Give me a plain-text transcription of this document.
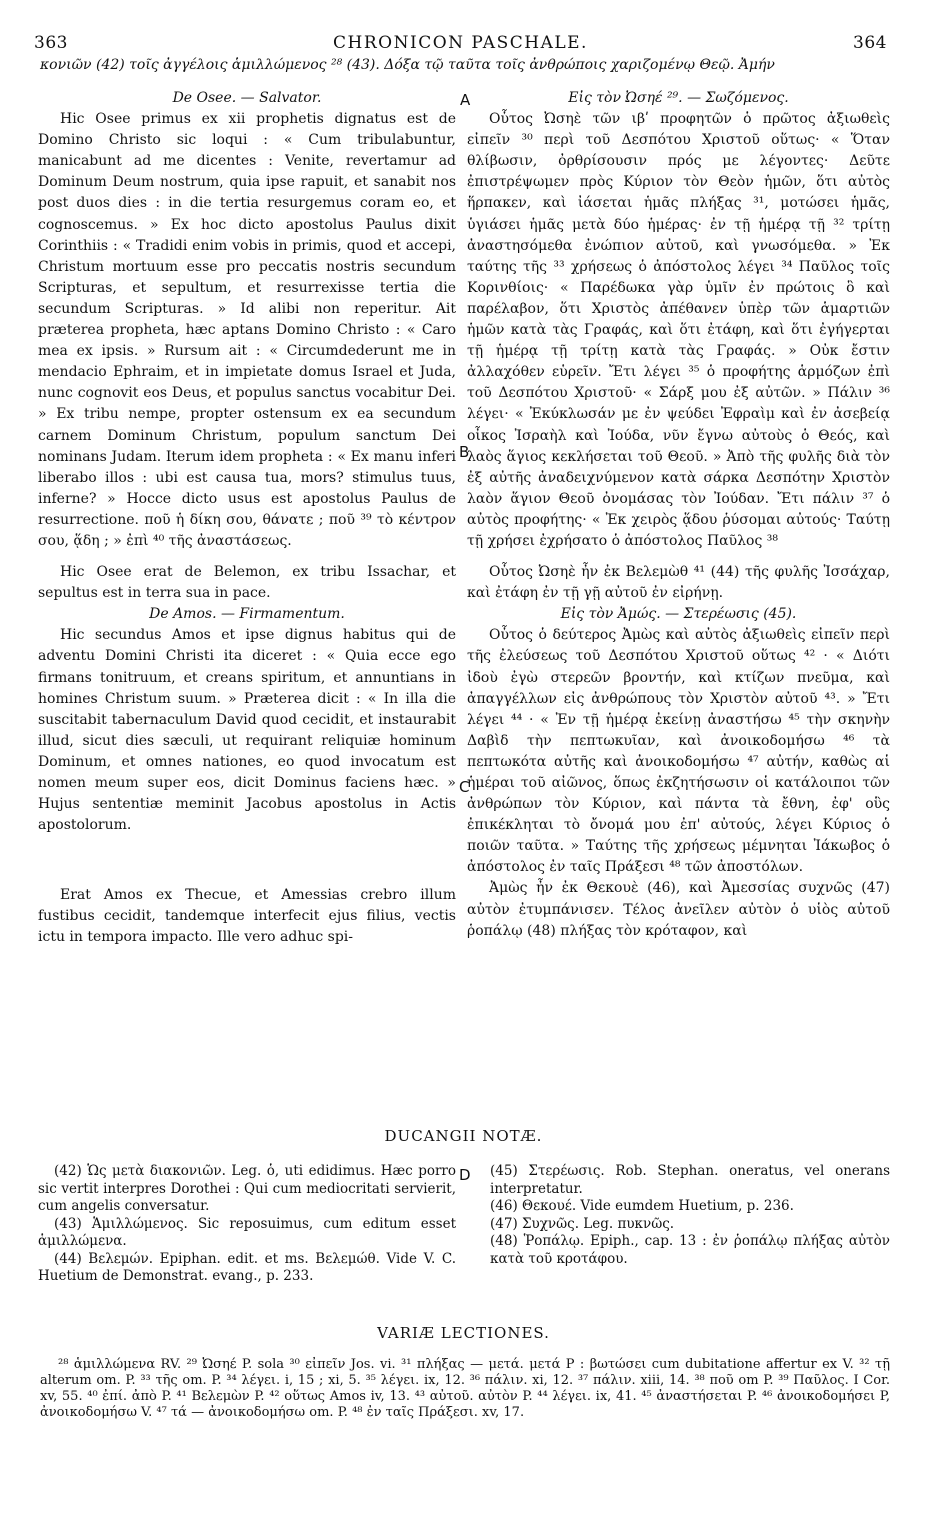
363	CHRONICON PASCHALE.	364
κονιῶν (42) τοῖς ἀγγέλοις ἁμιλλώμενος ²⁸ (43). Δόξα τῷ ταῦτα τοῖς ἀνθρώποις χαριζομένῳ Θεῷ. Ἀμήν
A
B
C

De Osee. — Salvator.

Hic Osee primus ex xii prophetis dignatus est de Domino Christo sic loqui : « Cum tribulabuntur, manicabunt ad me dicentes : Venite, revertamur ad Dominum Deum nostrum, quia ipse rapuit, et sanabit nos post duos dies : in die tertia resurgemus coram eo, et cognoscemus. » Ex hoc dicto apostolus Paulus dixit Corinthiis : « Tradidi enim vobis in primis, quod et accepi, Christum mortuum esse pro peccatis nostris secundum Scripturas, et sepultum, et resurrexisse tertia die secundum Scripturas. » Id alibi non reperitur. Ait præterea propheta, hæc aptans Domino Christo : « Caro mea ex ipsis. » Rursum ait : « Circumdederunt me in mendacio Ephraim, et in impietate domus Israel et Juda, nunc cognovit eos Deus, et populus sanctus vocabitur Dei. » Ex tribu nempe, propter ostensum ex ea secundum carnem Dominum Christum, populum sanctum Dei nominans Judam. Iterum idem propheta : « Ex manu inferi liberabo illos : ubi est causa tua, mors? stimulus tuus, inferne? » Hocce dicto usus est apostolus Paulus de resurrectione. ποῦ ἡ δίκη σου, θάνατε ; ποῦ ³⁹ τὸ κέντρον σου, ᾅδη ; » ἐπὶ ⁴⁰ τῆς ἀναστάσεως.

Hic Osee erat de Belemon, ex tribu Issachar, et sepultus est in terra sua in pace.

De Amos. — Firmamentum.

Hic secundus Amos et ipse dignus habitus qui de adventu Domini Christi ita diceret : « Quia ecce ego firmans tonitruum, et creans spiritum, et annuntians in homines Christum suum. » Præterea dicit : « In illa die suscitabit tabernaculum David quod cecidit, et instaurabit illud, sicut dies sæculi, ut requirant reliquiæ hominum Dominum, et omnes nationes, eo quod invocatum est nomen meum super eos, dicit Dominus faciens hæc. » Hujus sententiæ meminit Jacobus apostolus in Actis apostolorum.

Erat Amos ex Thecue, et Amessias crebro illum fustibus cecidit, tandemque interfecit ejus filius, vectis ictu in tempora impacto. Ille vero adhuc spi-

Εἰς τὸν Ὠσηέ ²⁹. — Σωζόμενος.

Οὗτος Ὠσηὲ τῶν ιβʹ προφητῶν ὁ πρῶτος ἀξιωθεὶς εἰπεῖν ³⁰ περὶ τοῦ Δεσπότου Χριστοῦ οὕτως· « Ὅταν θλίβωσιν, ὀρθρίσουσιν πρός με λέγοντες· Δεῦτε ἐπιστρέψωμεν πρὸς Κύριον τὸν Θεὸν ἡμῶν, ὅτι αὐτὸς ἥρπακεν, καὶ ἰάσεται ἡμᾶς πλήξας ³¹, μοτώσει ἡμᾶς, ὑγιάσει ἡμᾶς μετὰ δύο ἡμέρας· ἐν τῇ ἡμέρᾳ τῇ ³² τρίτῃ ἀναστησόμεθα ἐνώπιον αὐτοῦ, καὶ γνωσόμεθα. » Ἐκ ταύτης τῆς ³³ χρήσεως ὁ ἀπόστολος λέγει ³⁴ Παῦλος τοῖς Κορινθίοις· « Παρέδωκα γὰρ ὑμῖν ἐν πρώτοις ὃ καὶ παρέλαβον, ὅτι Χριστὸς ἀπέθανεν ὑπὲρ τῶν ἁμαρτιῶν ἡμῶν κατὰ τὰς Γραφάς, καὶ ὅτι ἐτάφη, καὶ ὅτι ἐγήγερται τῇ ἡμέρᾳ τῇ τρίτῃ κατὰ τὰς Γραφάς. » Οὐκ ἔστιν ἀλλαχόθεν εὑρεῖν. Ἔτι λέγει ³⁵ ὁ προφήτης ἁρμόζων ἐπὶ τοῦ Δεσπότου Χριστοῦ· « Σάρξ μου ἐξ αὐτῶν. » Πάλιν ³⁶ λέγει· « Ἐκύκλωσάν με ἐν ψεύδει Ἐφραὶμ καὶ ἐν ἀσεβείᾳ οἶκος Ἰσραὴλ καὶ Ἰούδα, νῦν ἔγνω αὐτοὺς ὁ Θεός, καὶ λαὸς ἅγιος κεκλήσεται τοῦ Θεοῦ. » Ἀπὸ τῆς φυλῆς διὰ τὸν ἐξ αὐτῆς ἀναδειχνύμενον κατὰ σάρκα Δεσπότην Χριστὸν λαὸν ἅγιον Θεοῦ ὀνομάσας τὸν Ἰούδαν. Ἔτι πάλιν ³⁷ ὁ αὐτὸς προφήτης· « Ἐκ χειρὸς ᾅδου ῥύσομαι αὐτούς· Ταύτῃ τῇ χρήσει ἐχρήσατο ὁ ἀπόστολος Παῦλος ³⁸

Οὗτος Ὠσηὲ ἦν ἐκ Βελεμὼθ ⁴¹ (44) τῆς φυλῆς Ἰσσάχαρ, καὶ ἐτάφη ἐν τῇ γῇ αὐτοῦ ἐν εἰρήνῃ.

Εἰς τὸν Ἀμώς. — Στερέωσις (45).

Οὗτος ὁ δεύτερος Ἀμὼς καὶ αὐτὸς ἀξιωθεὶς εἰπεῖν περὶ τῆς ἐλεύσεως τοῦ Δεσπότου Χριστοῦ οὕτως ⁴² · « Διότι ἰδοὺ ἐγὼ στερεῶν βροντήν, καὶ κτίζων πνεῦμα, καὶ ἀπαγγέλλων εἰς ἀνθρώπους τὸν Χριστὸν αὐτοῦ ⁴³. » Ἔτι λέγει ⁴⁴ · « Ἐν τῇ ἡμέρᾳ ἐκείνῃ ἀναστήσω ⁴⁵ τὴν σκηνὴν Δαβὶδ τὴν πεπτωκυῖαν, καὶ ἀνοικοδομήσω ⁴⁶ τὰ πεπτωκότα αὐτῆς καὶ ἀνοικοδομήσω ⁴⁷ αὐτήν, καθὼς αἱ ἡμέραι τοῦ αἰῶνος, ὅπως ἐκζητήσωσιν οἱ κατάλοιποι τῶν ἀνθρώπων τὸν Κύριον, καὶ πάντα τὰ ἔθνη, ἐφ' οὓς ἐπικέκληται τὸ ὄνομά μου ἐπ' αὐτούς, λέγει Κύριος ὁ ποιῶν ταῦτα. » Ταύτης τῆς χρήσεως μέμνηται Ἰάκωβος ὁ ἀπόστολος ἐν ταῖς Πράξεσι ⁴⁸ τῶν ἀποστόλων.

Ἀμὼς ἦν ἐκ Θεκουὲ (46), καὶ Ἀμεσσίας συχνῶς (47) αὐτὸν ἐτυμπάνισεν. Τέλος ἀνεῖλεν αὐτὸν ὁ υἱὸς αὐτοῦ ῥοπάλῳ (48) πλήξας τὸν κρόταφον, καὶ

DUCANGII NOTÆ.
D

(42) Ὡς μετὰ διακονιῶν. Leg. ὁ, uti edidimus. Hæc porro sic vertit interpres Dorothei : Qui cum mediocritati servierit, cum angelis conversatur.

(43) Ἁμιλλώμενος. Sic reposuimus, cum editum esset ἁμιλλώμενα.

(44) Βελεμών. Epiphan. edit. et ms. Βελεμώθ. Vide V. C. Huetium de Demonstrat. evang., p. 233.

(45) Στερέωσις. Rob. Stephan. oneratus, vel onerans interpretatur.

(46) Θεκουέ. Vide eumdem Huetium, p. 236.

(47) Συχνῶς. Leg. πυκνῶς.

(48) Ῥοπάλῳ. Epiph., cap. 13 : ἐν ῥοπάλῳ πλήξας αὐτὸν κατὰ τοῦ κροτάφου.

VARIÆ LECTIONES.
²⁸ ἁμιλλώμενα RV. ²⁹ Ὠσηέ P. sola ³⁰ εἰπεῖν Jos. vi. ³¹ πλήξας — μετά. μετά P : βωτώσει cum dubitatione affertur ex V. ³² τῇ alterum om. P. ³³ τῆς om. P. ³⁴ λέγει. i, 15 ; xi, 5. ³⁵ λέγει. ix, 12. ³⁶ πάλιν. xi, 12. ³⁷ πάλιν. xiii, 14. ³⁸ ποῦ om P. ³⁹ Παῦλος. I Cor. xv, 55. ⁴⁰ ἐπί. ἀπὸ P. ⁴¹ Βελεμὼν P. ⁴² οὕτως Amos iv, 13. ⁴³ αὐτοῦ. αὐτὸν P. ⁴⁴ λέγει. ix, 41. ⁴⁵ ἀναστήσεται P. ⁴⁶ ἀνοικοδομήσει P, ἀνοικοδομήσω V. ⁴⁷ τά — ἀνοικοδομήσω om. P. ⁴⁸ ἐν ταῖς Πράξεσι. xv, 17.
